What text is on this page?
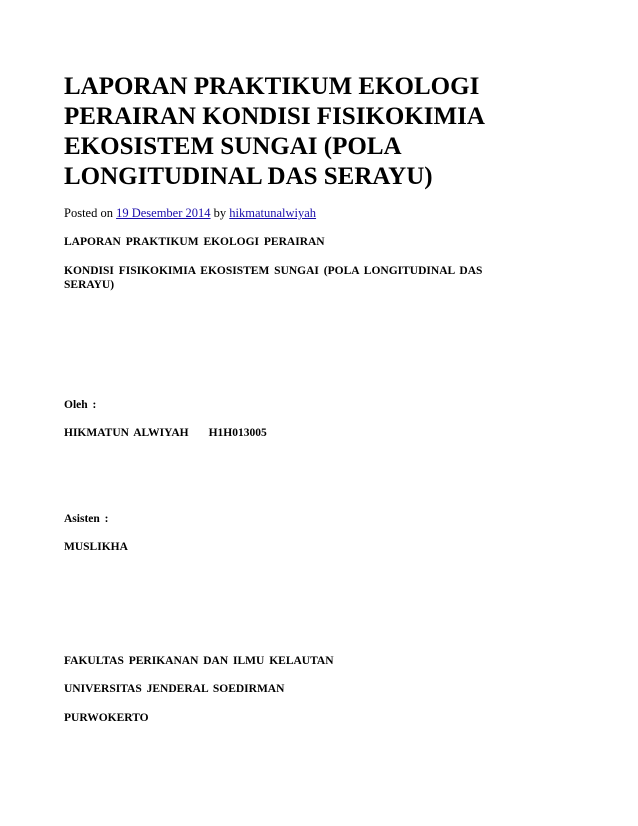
LAPORAN PRAKTIKUM EKOLOGI PERAIRAN KONDISI FISIKOKIMIA EKOSISTEM SUNGAI (POLA LONGITUDINAL DAS SERAYU)
Posted on 19 Desember 2014 by hikmatunalwiyah

LAPORAN PRAKTIKUM EKOLOGI PERAIRAN

KONDISI FISIKOKIMIA EKOSISTEM SUNGAI (POLA LONGITUDINAL DAS SERAYU)

Oleh :

HIKMATUN ALWIYAH H1H013005

Asisten :

MUSLIKHA

FAKULTAS PERIKANAN DAN ILMU KELAUTAN

UNIVERSITAS JENDERAL SOEDIRMAN

PURWOKERTO
